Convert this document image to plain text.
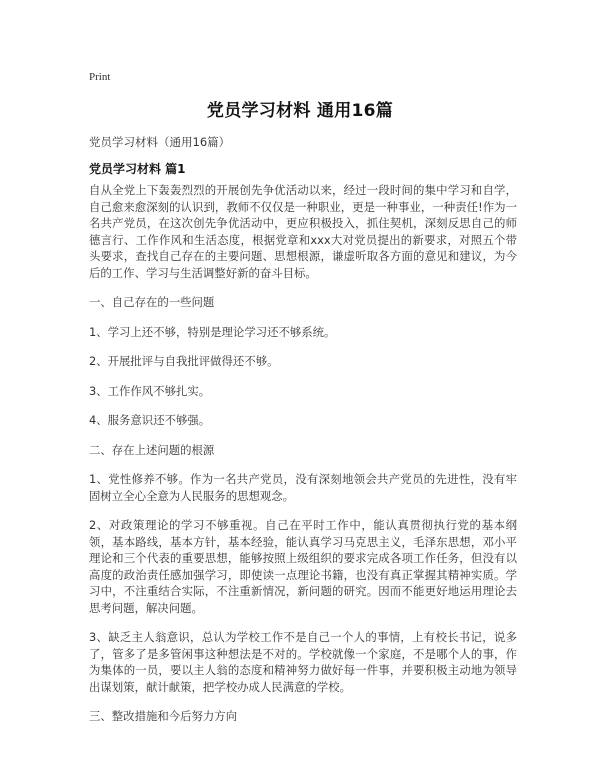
Print
党员学习材料 通用16篇
党员学习材料（通用16篇）
党员学习材料 篇1

自从全党上下轰轰烈烈的开展创先争优活动以来，经过一段时间的集中学习和自学，自己愈来愈深刻的认识到，教师不仅仅是一种职业，更是一种事业，一种责任!作为一名共产党员，在这次创先争优活动中，更应积极投入，抓住契机，深刻反思自己的师德言行、工作作风和生活态度，根据党章和xxx大对党员提出的新要求，对照五个带头要求，查找自己存在的主要问题、思想根源，谦虚听取各方面的意见和建议，为今后的工作、学习与生活调整好新的奋斗目标。

一、自己存在的一些问题

1、学习上还不够，特别是理论学习还不够系统。

2、开展批评与自我批评做得还不够。

3、工作作风不够扎实。

4、服务意识还不够强。

二、存在上述问题的根源

1、党性修养不够。作为一名共产党员，没有深刻地领会共产党员的先进性，没有牢固树立全心全意为人民服务的思想观念。

2、对政策理论的学习不够重视。自己在平时工作中，能认真贯彻执行党的基本纲领，基本路线，基本方针，基本经验，能认真学习马克思主义，毛泽东思想，邓小平理论和三个代表的重要思想，能够按照上级组织的要求完成各项工作任务，但没有以高度的政治责任感加强学习，即使读一点理论书籍，也没有真正掌握其精神实质。学习中，不注重结合实际，不注重新情况，新问题的研究。因而不能更好地运用理论去思考问题，解决问题。

3、缺乏主人翁意识，总认为学校工作不是自己一个人的事情，上有校长书记，说多了，管多了是多管闲事这种想法是不对的。学校就像一个家庭，不是哪个人的事，作为集体的一员，要以主人翁的态度和精神努力做好每一件事，并要积极主动地为领导出谋划策，献计献策，把学校办成人民满意的学校。

三、整改措施和今后努力方向
